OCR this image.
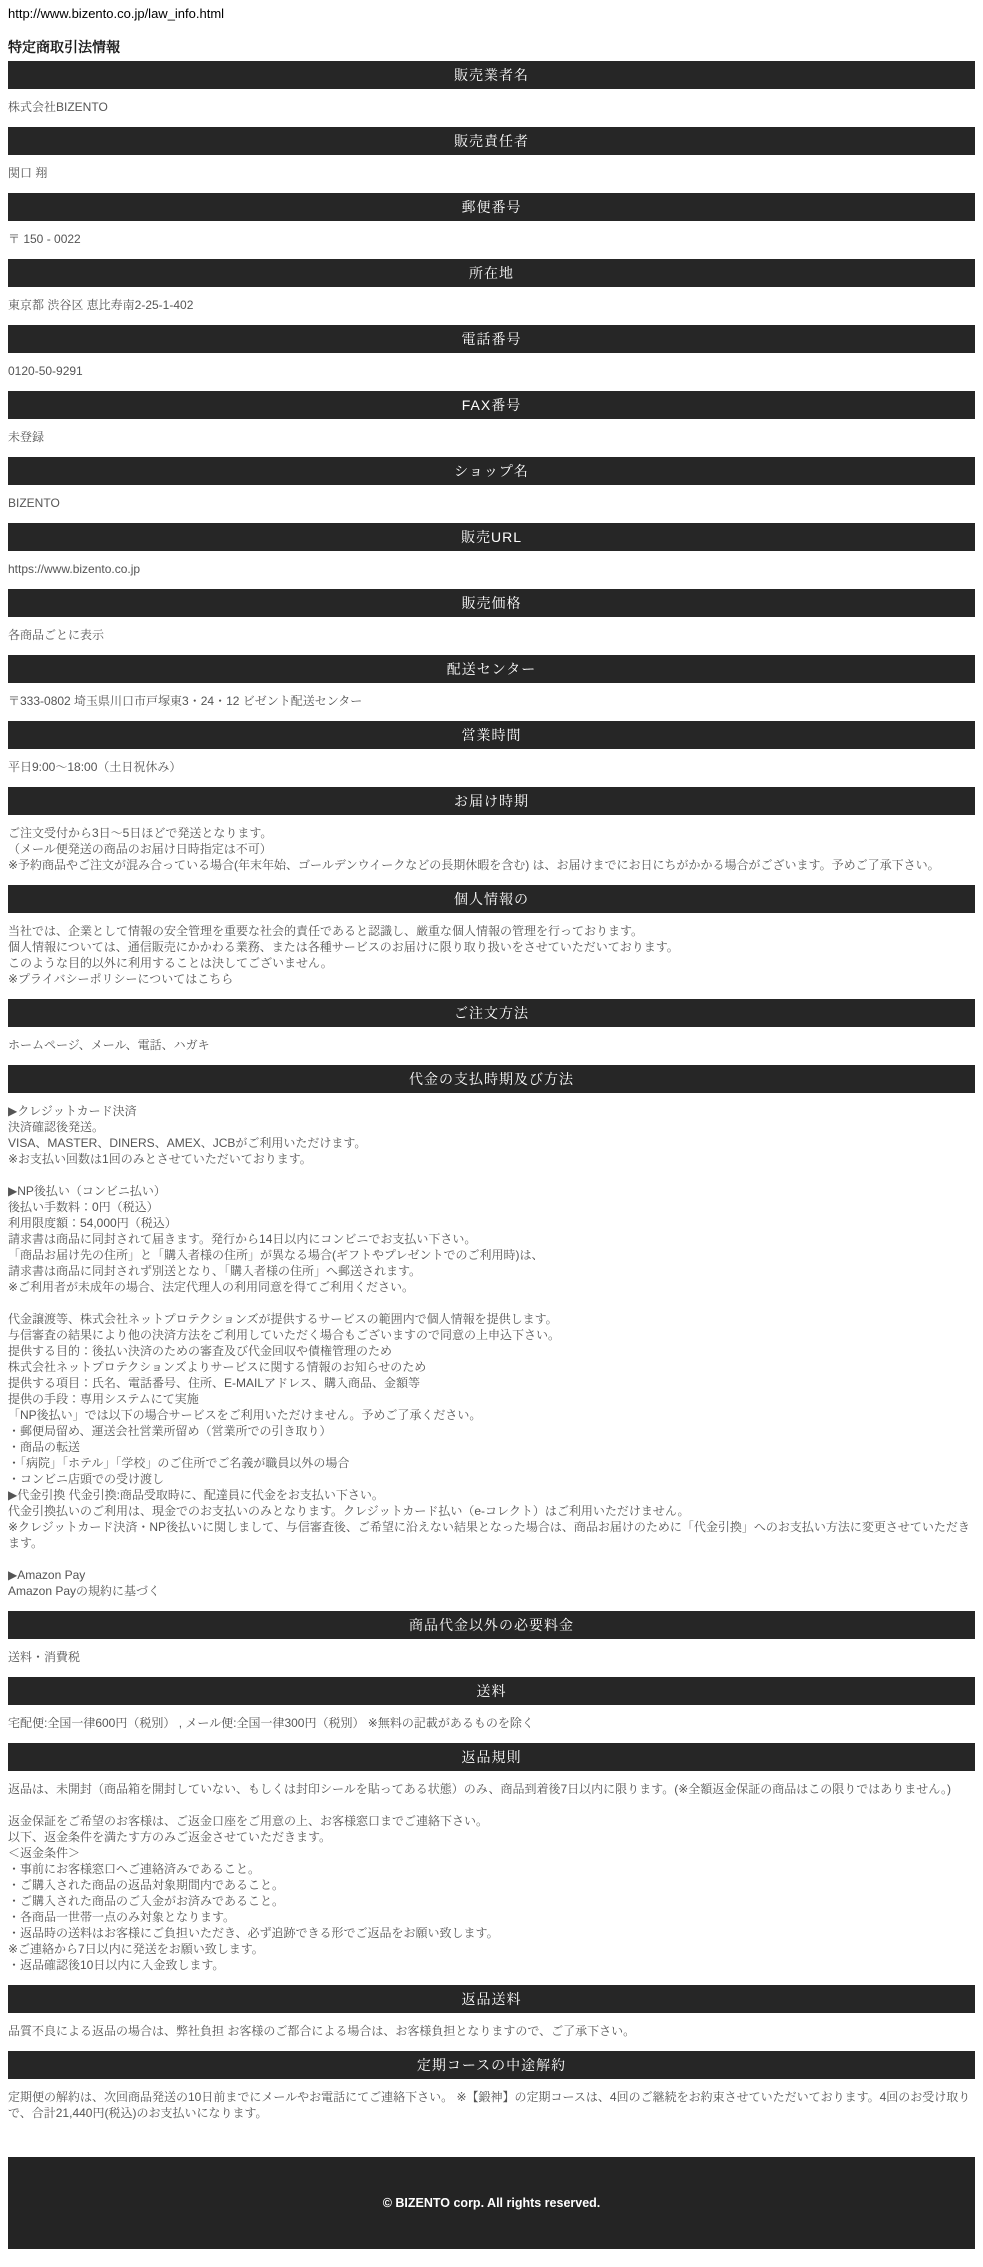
http://www.bizento.co.jp/law_info.html

特定商取引法情報
販売業者名

株式会社BIZENTO

販売責任者

関口 翔

郵便番号

〒 150 - 0022

所在地

東京都 渋谷区 恵比寿南2-25-1-402

電話番号

0120-50-9291

FAX番号

未登録

ショップ名

BIZENTO

販売URL

https://www.bizento.co.jp

販売価格

各商品ごとに表示

配送センター

〒333-0802 埼玉県川口市戸塚東3・24・12 ビゼント配送センター

営業時間

平日9:00～18:00（土日祝休み）

お届け時期

ご注文受付から3日～5日ほどで発送となります。

（メール便発送の商品のお届け日時指定は不可）

※予約商品やご注文が混み合っている場合(年末年始、ゴールデンウイークなどの長期休暇を含む) は、お届けまでにお日にちがかかる場合がございます。予めご了承下さい。

個人情報の

当社では、企業として情報の安全管理を重要な社会的責任であると認識し、厳重な個人情報の管理を行っております。

個人情報については、通信販売にかかわる業務、または各種サービスのお届けに限り取り扱いをさせていただいております。

このような目的以外に利用することは決してございません。

※プライバシーポリシーについてはこちら

ご注文方法

ホームページ、メール、電話、ハガキ

代金の支払時期及び方法

▶クレジットカード決済

決済確認後発送。

VISA、MASTER、DINERS、AMEX、JCBがご利用いただけます。

※お支払い回数は1回のみとさせていただいております。

▶NP後払い（コンビニ払い）

後払い手数料：0円（税込）

利用限度額：54,000円（税込）

請求書は商品に同封されて届きます。発行から14日以内にコンビニでお支払い下さい。

「商品お届け先の住所」と「購入者様の住所」が異なる場合(ギフトやプレゼントでのご利用時)は、

請求書は商品に同封されず別送となり、「購入者様の住所」へ郵送されます。

※ご利用者が未成年の場合、法定代理人の利用同意を得てご利用ください。

代金譲渡等、株式会社ネットプロテクションズが提供するサービスの範囲内で個人情報を提供します。

与信審査の結果により他の決済方法をご利用していただく場合もございますので同意の上申込下さい。

提供する目的：後払い決済のための審査及び代金回収や債権管理のため

株式会社ネットプロテクションズよりサービスに関する情報のお知らせのため

提供する項目：氏名、電話番号、住所、E-MAILアドレス、購入商品、金額等

提供の手段：専用システムにて実施

「NP後払い」では以下の場合サービスをご利用いただけません。予めご了承ください。

・郵便局留め、運送会社営業所留め（営業所での引き取り）

・商品の転送

・「病院」「ホテル」「学校」のご住所でご名義が職員以外の場合

・コンビニ店頭での受け渡し

▶代金引換 代金引換:商品受取時に、配達員に代金をお支払い下さい。

代金引換払いのご利用は、現金でのお支払いのみとなります。クレジットカード払い（e-コレクト）はご利用いただけません。

※クレジットカード決済・NP後払いに関しまして、与信審査後、ご希望に沿えない結果となった場合は、商品お届けのために「代金引換」へのお支払い方法に変更させていただきます。

▶Amazon Pay

Amazon Payの規約に基づく

商品代金以外の必要料金

送料・消費税

送料

宅配便:全国一律600円（税別） , メール便:全国一律300円（税別） ※無料の記載があるものを除く

返品規則

返品は、未開封（商品箱を開封していない、もしくは封印シールを貼ってある状態）のみ、商品到着後7日以内に限ります。(※全額返金保証の商品はこの限りではありません。)

返金保証をご希望のお客様は、ご返金口座をご用意の上、お客様窓口までご連絡下さい。

以下、返金条件を満たす方のみご返金させていただきます。

＜返金条件＞

・事前にお客様窓口へご連絡済みであること。

・ご購入された商品の返品対象期間内であること。

・ご購入された商品のご入金がお済みであること。

・各商品一世帯一点のみ対象となります。

・返品時の送料はお客様にご負担いただき、必ず追跡できる形でご返品をお願い致します。

※ご連絡から7日以内に発送をお願い致します。

・返品確認後10日以内に入金致します。

返品送料

品質不良による返品の場合は、弊社負担 お客様のご都合による場合は、お客様負担となりますので、ご了承下さい。

定期コースの中途解約

定期便の解約は、次回商品発送の10日前までにメールやお電話にてご連絡下さい。 ※【鍛神】の定期コースは、4回のご継続をお約束させていただいております。4回のお受け取りで、合計21,440円(税込)のお支払いになります。

© BIZENTO corp. All rights reserved.
